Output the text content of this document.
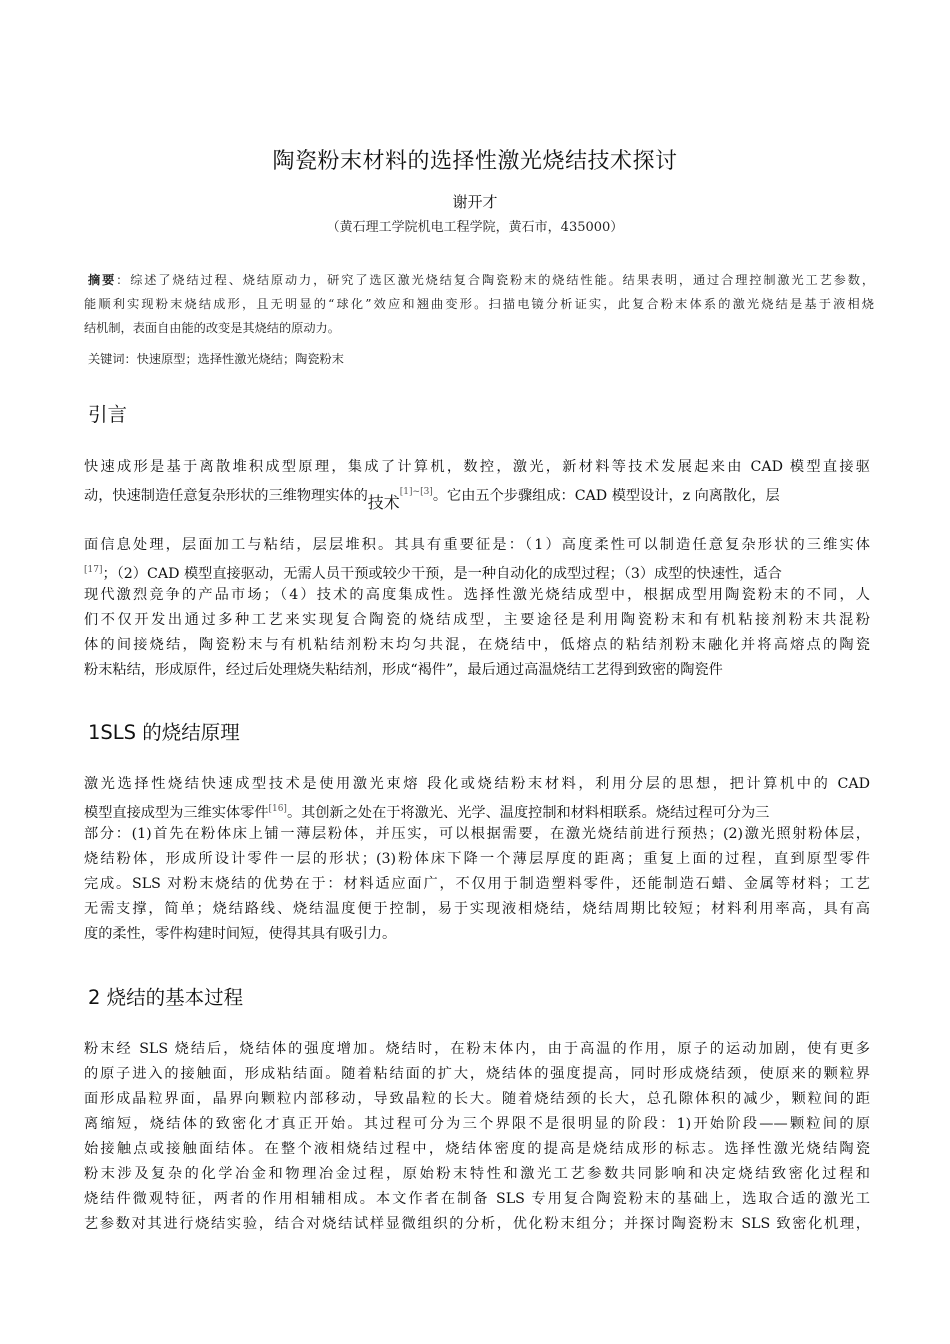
陶瓷粉末材料的选择性激光烧结技术探讨
谢开才
（黄石理工学院机电工程学院，黄石市，435000）
摘要：综述了烧结过程、烧结原动力，研究了选区激光烧结复合陶瓷粉末的烧结性能。结果表明，通过合理控制激光工艺参数，
能顺利实现粉末烧结成形，且无明显的“球化”效应和翘曲变形。扫描电镜分析证实，此复合粉末体系的激光烧结是基于液相烧
结机制，表面自由能的改变是其烧结的原动力。
关键词：快速原型；选择性激光烧结；陶瓷粉末
引言
快速成形是基于离散堆积成型原理，集成了计算机，数控，激光，新材料等技术发展起来由 CAD 模型直接驱
动，快速制造任意复杂形状的三维物理实体的技术[1]~[3]。它由五个步骤组成：CAD 模型设计，z 向离散化，层
面信息处理，层面加工与粘结，层层堆积。其具有重要征是：（1）高度柔性可以制造任意复杂形状的三维实体
[17]；（2）CAD 模型直接驱动，无需人员干预或较少干预，是一种自动化的成型过程；（3）成型的快速性，适合
现代激烈竞争的产品市场；（4）技术的高度集成性。选择性激光烧结成型中，根据成型用陶瓷粉末的不同，人
们不仅开发出通过多种工艺来实现复合陶瓷的烧结成型，主要途径是利用陶瓷粉末和有机粘接剂粉末共混粉
体的间接烧结，陶瓷粉末与有机粘结剂粉末均匀共混，在烧结中，低熔点的粘结剂粉末融化并将高熔点的陶瓷
粉末粘结，形成原件，经过后处理烧失粘结剂，形成“褐件”，最后通过高温烧结工艺得到致密的陶瓷件
1SLS 的烧结原理
激光选择性烧结快速成型技术是使用激光束熔 段化或烧结粉末材料，利用分层的思想，把计算机中的 CAD
模型直接成型为三维实体零件[16]。其创新之处在于将激光、光学、温度控制和材料相联系。烧结过程可分为三
部分：(1)首先在粉体床上铺一薄层粉体，并压实，可以根据需要，在激光烧结前进行预热；(2)激光照射粉体层，
烧结粉体，形成所设计零件一层的形状；(3)粉体床下降一个薄层厚度的距离；重复上面的过程，直到原型零件
完成。SLS 对粉末烧结的优势在于：材料适应面广，不仅用于制造塑料零件，还能制造石蜡、金属等材料；工艺
无需支撑，简单；烧结路线、烧结温度便于控制，易于实现液相烧结，烧结周期比较短；材料利用率高，具有高
度的柔性，零件构建时间短，使得其具有吸引力。
2 烧结的基本过程
粉末经 SLS 烧结后，烧结体的强度增加。烧结时，在粉末体内，由于高温的作用，原子的运动加剧，使有更多
的原子进入的接触面，形成粘结面。随着粘结面的扩大，烧结体的强度提高，同时形成烧结颈，使原来的颗粒界
面形成晶粒界面，晶界向颗粒内部移动，导致晶粒的长大。随着烧结颈的长大，总孔隙体积的减少，颗粒间的距
离缩短，烧结体的致密化才真正开始。其过程可分为三个界限不是很明显的阶段：1)开始阶段——颗粒间的原
始接触点或接触面结体。在整个液相烧结过程中，烧结体密度的提高是烧结成形的标志。选择性激光烧结陶瓷
粉末涉及复杂的化学冶金和物理冶金过程，原始粉末特性和激光工艺参数共同影响和决定烧结致密化过程和
烧结件微观特征，两者的作用相辅相成。本文作者在制备 SLS 专用复合陶瓷粉末的基础上，选取合适的激光工
艺参数对其进行烧结实验，结合对烧结试样显微组织的分析，优化粉末组分；并探讨陶瓷粉末 SLS 致密化机理，
